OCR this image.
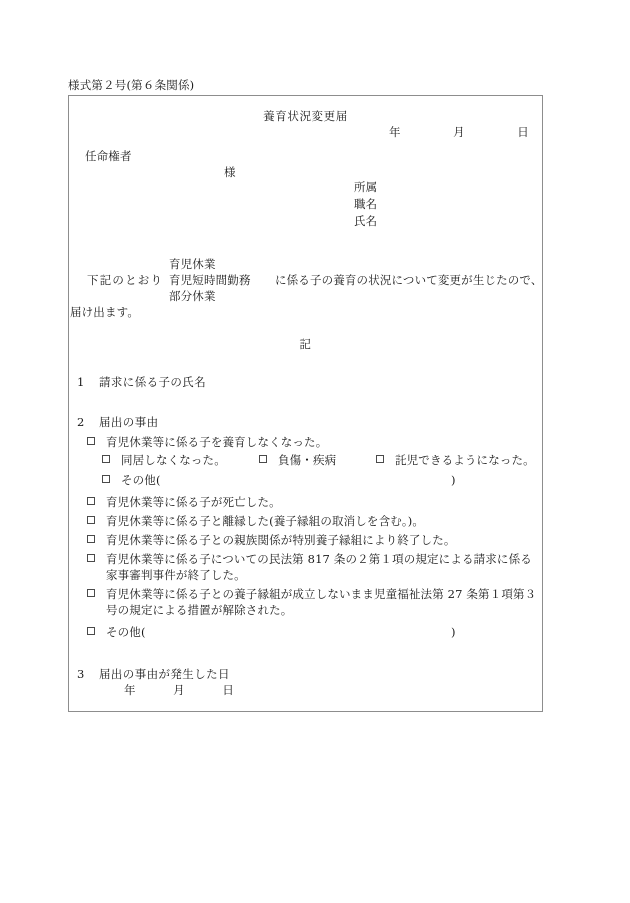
様式第２号(第６条関係)
養育状況変更届
年	月	日
任命権者
様
所属
職名
氏名
下記のとおり
育児休業
育児短時間勤務
部分休業
に係る子の養育の状況について変更が生じたので、
届け出ます。
記
1 請求に係る子の氏名
2 届出の事由
育児休業等に係る子を養育しなくなった。
同居しなくなった。	負傷・疾病	託児できるようになった。
その他(	)
育児休業等に係る子が死亡した。
育児休業等に係る子と離縁した(養子縁組の取消しを含む。)。
育児休業等に係る子との親族関係が特別養子縁組により終了した。
育児休業等に係る子についての民法第 817 条の２第１項の規定による請求に係る
家事審判事件が終了した。
育児休業等に係る子との養子縁組が成立しないまま児童福祉法第 27 条第１項第３
号の規定による措置が解除された。
その他(	)
3 届出の事由が発生した日
年	月	日
